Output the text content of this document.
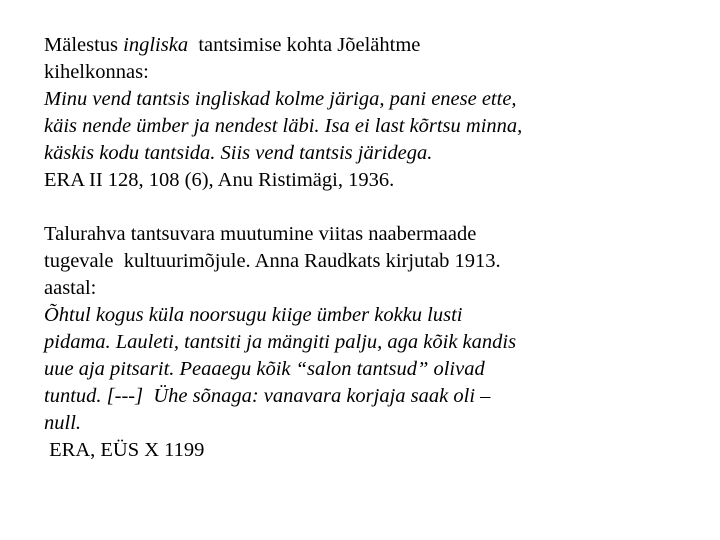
Mälestus ingliska  tantsimise kohta Jõelähtme
kihelkonnas:
Minu vend tantsis ingliskad kolme järiga, pani enese ette,
käis nende ümber ja nendest läbi. Isa ei last kõrtsu minna,
käskis kodu tantsida. Siis vend tantsis järidega.
ERA II 128, 108 (6), Anu Ristimägi, 1936.
Talurahva tantsuvara muutumine viitas naabermaade
tugevale  kultuurimõjule. Anna Raudkats kirjutab 1913.
aastal:
Õhtul kogus küla noorsugu kiige ümber kokku lusti
pidama. Lauleti, tantsiti ja mängiti palju, aga kõik kandis
uue aja pitsarit. Peaaegu kõik “salon tantsud” olivad
tuntud. [---]  Ühe sõnaga: vanavara korjaja saak oli –
null.
ERA, EÜS X 1199
